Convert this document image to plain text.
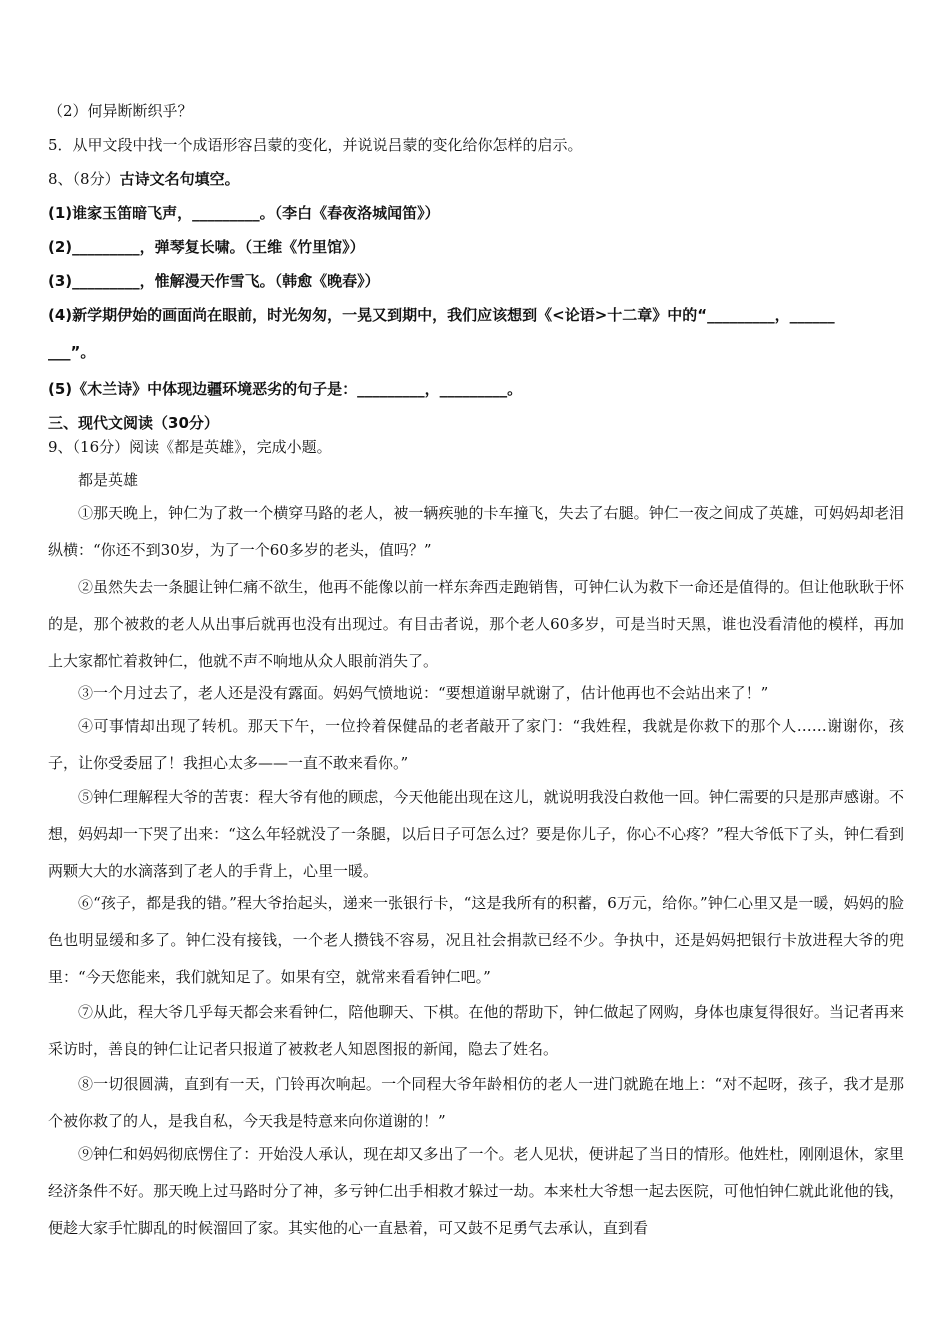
（2）何异断断织乎？
5．从甲文段中找一个成语形容吕蒙的变化，并说说吕蒙的变化给你怎样的启示。
8、（8分）古诗文名句填空。
(1)谁家玉笛暗飞声，_________。（李白《春夜洛城闻笛》）
(2)_________，弹琴复长啸。（王维《竹里馆》）
(3)_________，惟解漫天作雪飞。（韩愈《晚春》）
(4)新学期伊始的画面尚在眼前，时光匆匆，一晃又到期中，我们应该想到《<论语>十二章》中的“_________，______
___”。
(5)《木兰诗》中体现边疆环境恶劣的句子是：_________，_________。
三、现代文阅读（30分）
9、（16分）阅读《都是英雄》，完成小题。
都是英雄
①那天晚上，钟仁为了救一个横穿马路的老人，被一辆疾驰的卡车撞飞，失去了右腿。钟仁一夜之间成了英雄，可妈妈却老泪纵横：“你还不到30岁，为了一个60多岁的老头，值吗？”
②虽然失去一条腿让钟仁痛不欲生，他再不能像以前一样东奔西走跑销售，可钟仁认为救下一命还是值得的。但让他耿耿于怀的是，那个被救的老人从出事后就再也没有出现过。有目击者说，那个老人60多岁，可是当时天黑，谁也没看清他的模样，再加上大家都忙着救钟仁，他就不声不响地从众人眼前消失了。
③一个月过去了，老人还是没有露面。妈妈气愤地说：“要想道谢早就谢了，估计他再也不会站出来了！”
④可事情却出现了转机。那天下午，一位拎着保健品的老者敲开了家门：“我姓程，我就是你救下的那个人……谢谢你，孩子，让你受委屈了！我担心太多——一直不敢来看你。”
⑤钟仁理解程大爷的苦衷：程大爷有他的顾虑，今天他能出现在这儿，就说明我没白救他一回。钟仁需要的只是那声感谢。不想，妈妈却一下哭了出来：“这么年轻就没了一条腿，以后日子可怎么过？要是你儿子，你心不心疼？”程大爷低下了头，钟仁看到两颗大大的水滴落到了老人的手背上，心里一暖。
⑥“孩子，都是我的错。”程大爷抬起头，递来一张银行卡，“这是我所有的积蓄，6万元，给你。”钟仁心里又是一暖，妈妈的脸色也明显缓和多了。钟仁没有接钱，一个老人攒钱不容易，况且社会捐款已经不少。争执中，还是妈妈把银行卡放进程大爷的兜里：“今天您能来，我们就知足了。如果有空，就常来看看钟仁吧。”
⑦从此，程大爷几乎每天都会来看钟仁，陪他聊天、下棋。在他的帮助下，钟仁做起了网购，身体也康复得很好。当记者再来采访时，善良的钟仁让记者只报道了被救老人知恩图报的新闻，隐去了姓名。
⑧一切很圆满，直到有一天，门铃再次响起。一个同程大爷年龄相仿的老人一进门就跪在地上：“对不起呀，孩子，我才是那个被你救了的人，是我自私，今天我是特意来向你道谢的！”
⑨钟仁和妈妈彻底愣住了：开始没人承认，现在却又多出了一个。老人见状，便讲起了当日的情形。他姓杜，刚刚退休，家里经济条件不好。那天晚上过马路时分了神，多亏钟仁出手相救才躲过一劫。本来杜大爷想一起去医院，可他怕钟仁就此讹他的钱，便趁大家手忙脚乱的时候溜回了家。其实他的心一直悬着，可又鼓不足勇气去承认，直到看
